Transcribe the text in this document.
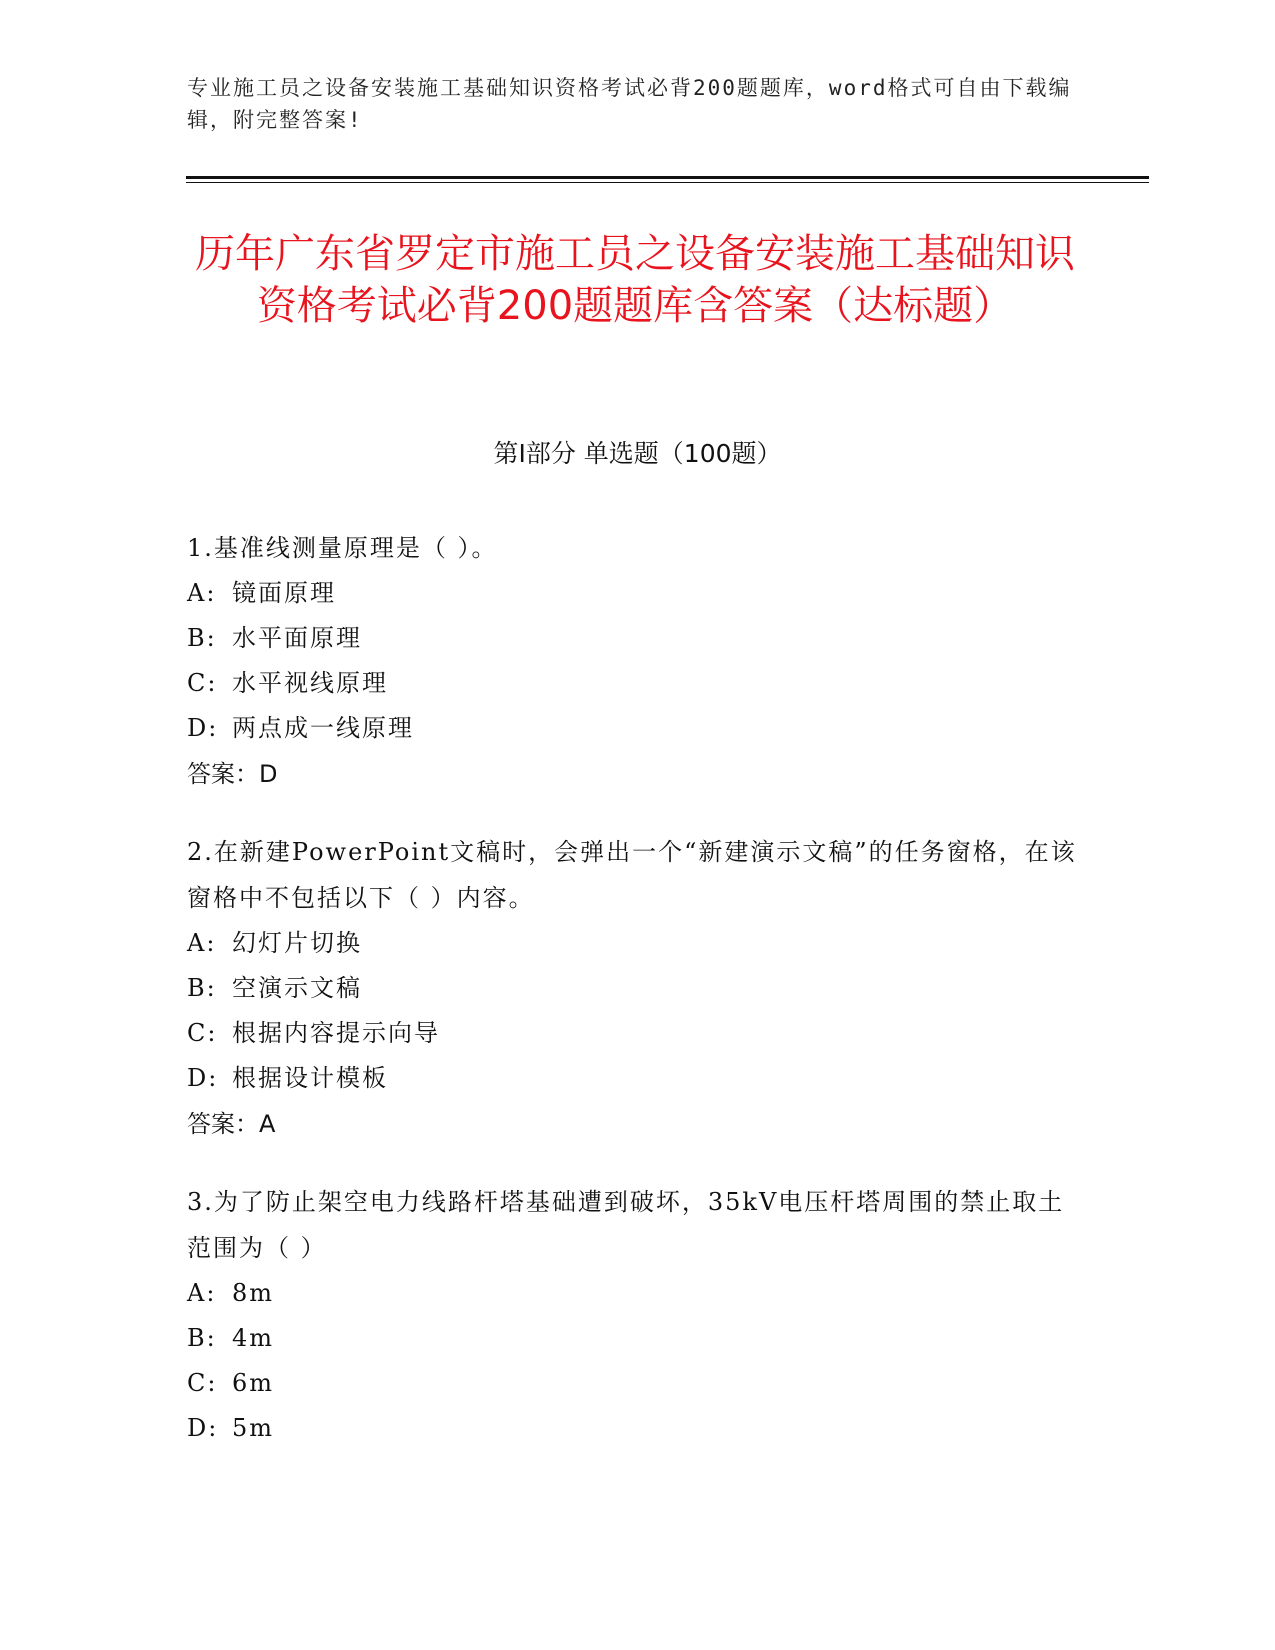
专业施工员之设备安装施工基础知识资格考试必背200题题库，word格式可自由下载编辑，附完整答案!
历年广东省罗定市施工员之设备安装施工基础知识资格考试必背200题题库含答案（达标题）
第I部分 单选题（100题）

1.基准线测量原理是（ ）。

A: 镜面原理
B: 水平面原理
C: 水平视线原理
D: 两点成一线原理
答案：D

2.在新建PowerPoint文稿时，会弹出一个“新建演示文稿”的任务窗格，在该窗格中不包括以下（ ）内容。

A: 幻灯片切换
B: 空演示文稿
C: 根据内容提示向导
D: 根据设计模板
答案：A

3.为了防止架空电力线路杆塔基础遭到破坏，35kV电压杆塔周围的禁止取土范围为（ ）

A: 8m
B: 4m
C: 6m
D: 5m
